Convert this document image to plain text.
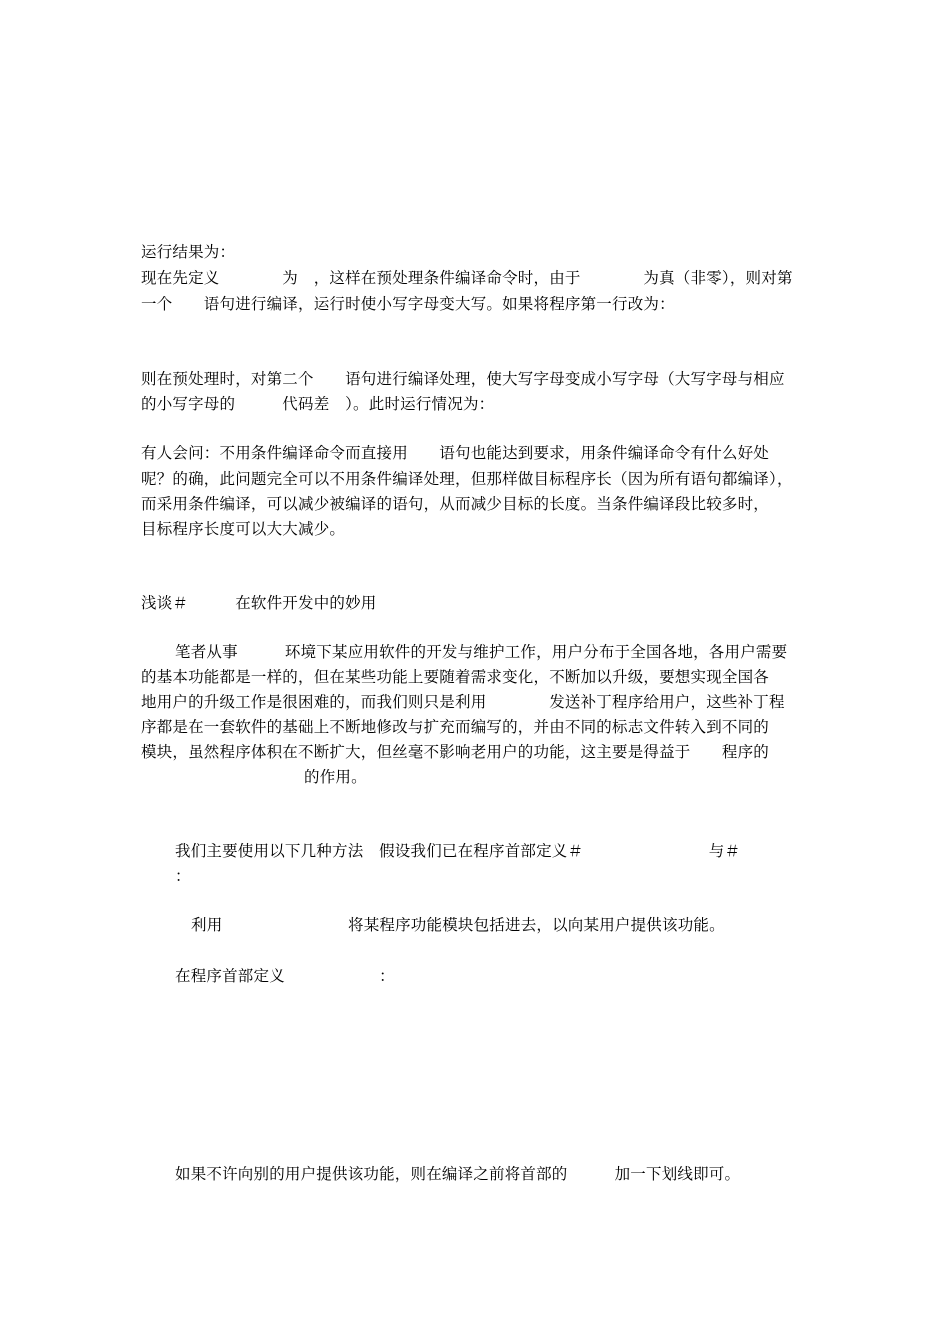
运行结果为：
现在先定义　　　　为　，这样在预处理条件编译命令时，由于　　　　为真（非零），则对第
一个　　语句进行编译，运行时使小写字母变大写。如果将程序第一行改为：
则在预处理时，对第二个　　语句进行编译处理，使大写字母变成小写字母（大写字母与相应
的小写字母的　　　代码差　）。此时运行情况为：
有人会问：不用条件编译命令而直接用　　语句也能达到要求，用条件编译命令有什么好处
呢？的确，此问题完全可以不用条件编译处理，但那样做目标程序长（因为所有语句都编译），
而采用条件编译，可以减少被编译的语句，从而减少目标的长度。当条件编译段比较多时，
目标程序长度可以大大减少。
浅谈＃　　　在软件开发中的妙用
笔者从事　　　环境下某应用软件的开发与维护工作，用户分布于全国各地，各用户需要
的基本功能都是一样的，但在某些功能上要随着需求变化，不断加以升级，要想实现全国各
地用户的升级工作是很困难的，而我们则只是利用　　　　发送补丁程序给用户，这些补丁程
序都是在一套软件的基础上不断地修改与扩充而编写的，并由不同的标志文件转入到不同的
模块，虽然程序体积在不断扩大，但丝毫不影响老用户的功能，这主要是得益于　　程序的
的作用。
我们主要使用以下几种方法　假设我们已在程序首部定义＃　　　　　　　　与＃
：
利用　　　　　　　　将某程序功能模块包括进去，以向某用户提供该功能。
在程序首部定义　　　　　　：
如果不许向别的用户提供该功能，则在编译之前将首部的　　　加一下划线即可。
